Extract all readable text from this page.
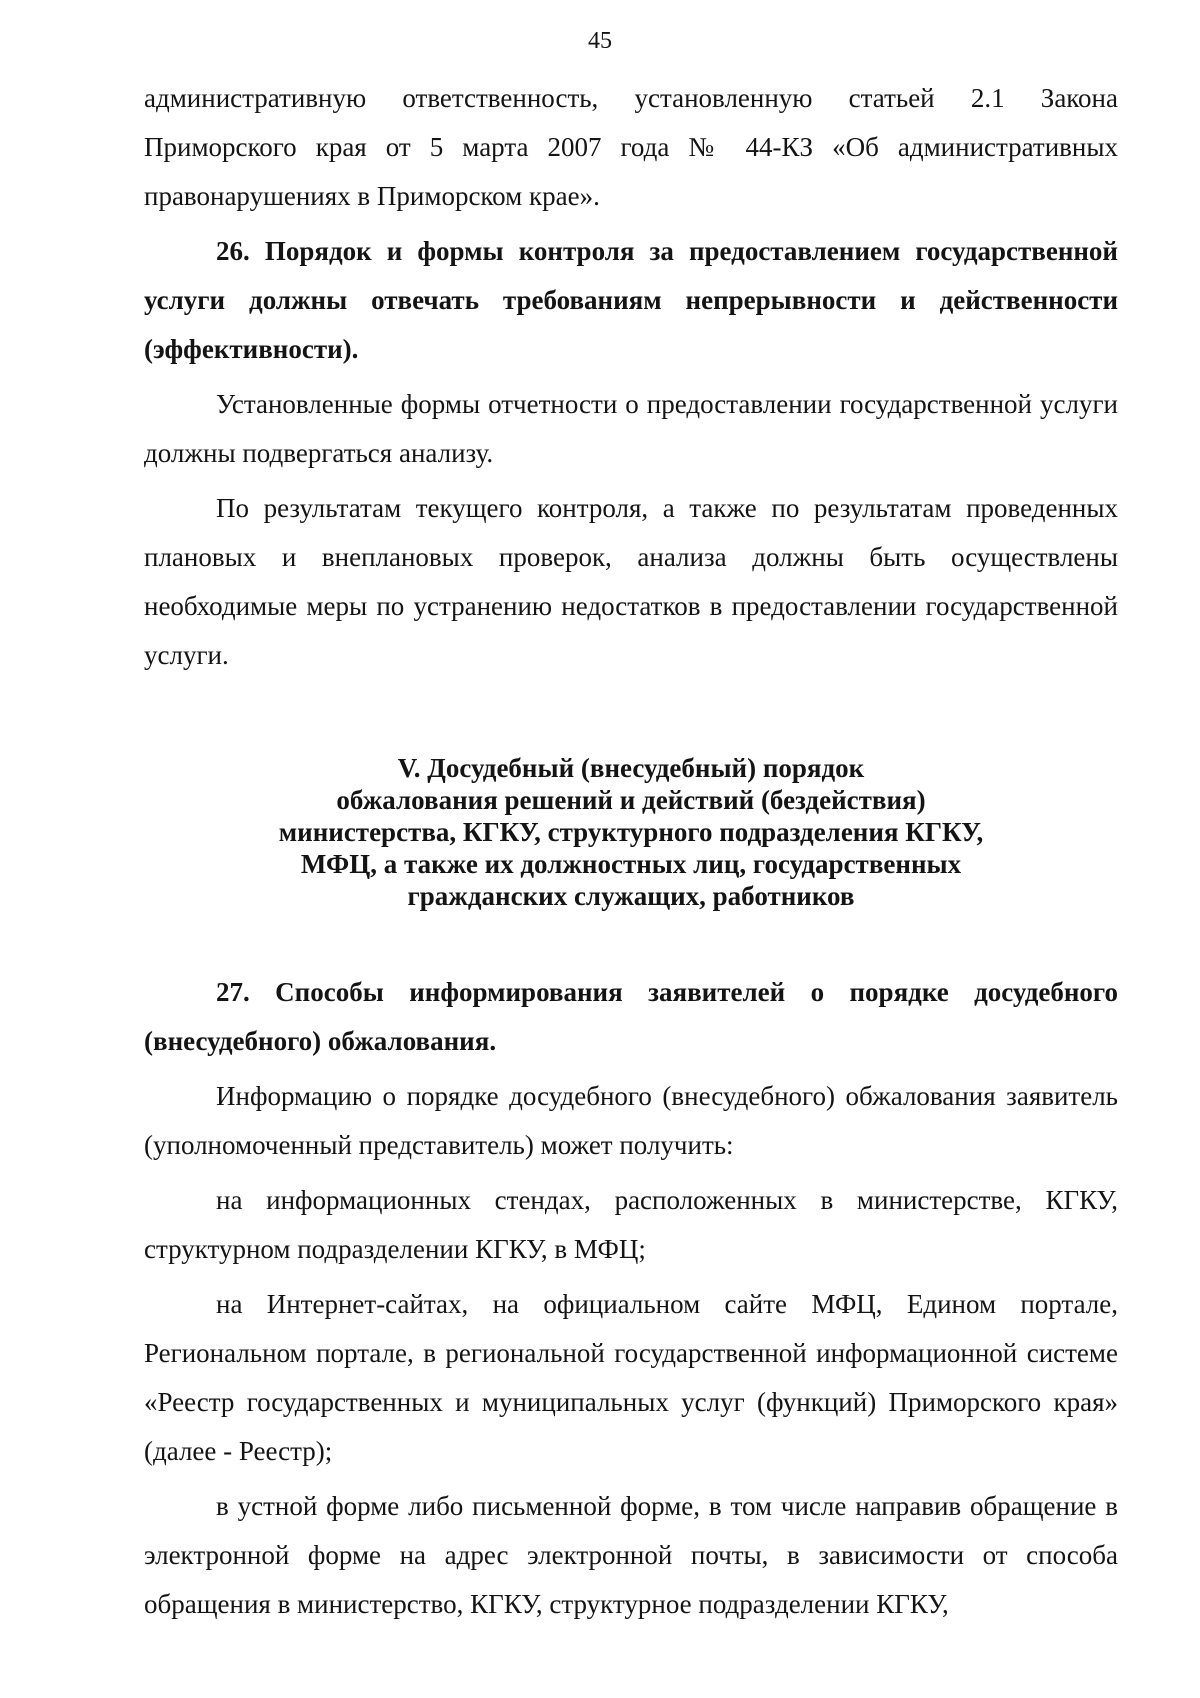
45

административную ответственность, установленную статьей 2.1 Закона Приморского края от 5 марта 2007 года № 44-КЗ «Об административных правонарушениях в Приморском крае».

26. Порядок и формы контроля за предоставлением государственной услуги должны отвечать требованиям непрерывности и действенности (эффективности).

Установленные формы отчетности о предоставлении государственной услуги должны подвергаться анализу.

По результатам текущего контроля, а также по результатам проведенных плановых и внеплановых проверок, анализа должны быть осуществлены необходимые меры по устранению недостатков в предоставлении государственной услуги.

V. Досудебный (внесудебный) порядок
обжалования решений и действий (бездействия)
министерства, КГКУ, структурного подразделения КГКУ,
МФЦ, а также их должностных лиц, государственных
гражданских служащих, работников

27. Способы информирования заявителей о порядке досудебного (внесудебного) обжалования.

Информацию о порядке досудебного (внесудебного) обжалования заявитель (уполномоченный представитель) может получить:

на информационных стендах, расположенных в министерстве, КГКУ, структурном подразделении КГКУ, в МФЦ;

на Интернет-сайтах, на официальном сайте МФЦ, Едином портале, Региональном портале, в региональной государственной информационной системе «Реестр государственных и муниципальных услуг (функций) Приморского края» (далее - Реестр);

в устной форме либо письменной форме, в том числе направив обращение в электронной форме на адрес электронной почты, в зависимости от способа обращения в министерство, КГКУ, структурное подразделении КГКУ,
